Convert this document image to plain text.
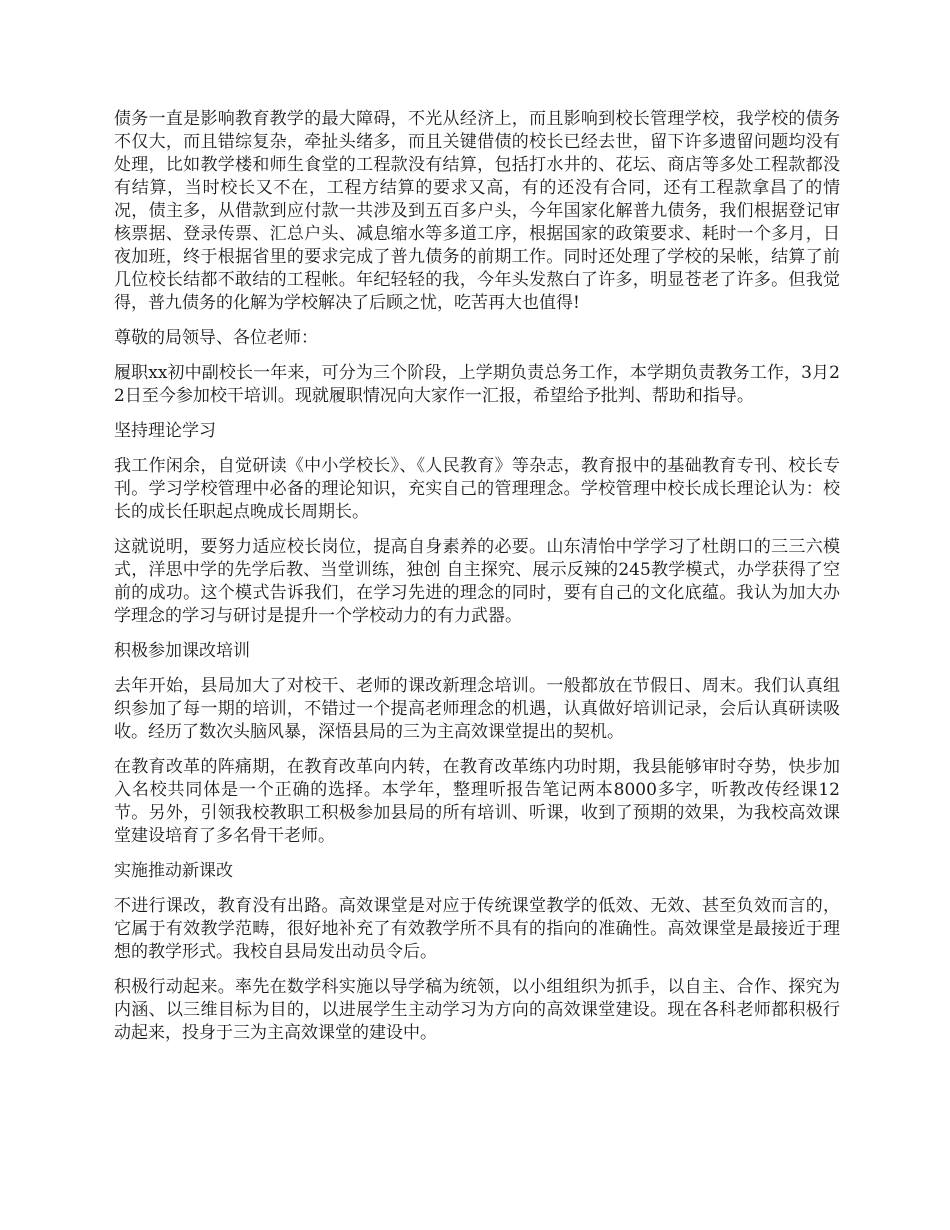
债务一直是影响教育教学的最大障碍，不光从经济上，而且影响到校长管理学校，我学校的债务不仅大，而且错综复杂，牵扯头绪多，而且关键借债的校长已经去世，留下许多遗留问题均没有处理，比如教学楼和师生食堂的工程款没有结算，包括打水井的、花坛、商店等多处工程款都没有结算，当时校长又不在，工程方结算的要求又高，有的还没有合同，还有工程款拿昌了的情况，债主多，从借款到应付款一共涉及到五百多户头，今年国家化解普九债务，我们根据登记审核票据、登录传票、汇总户头、减息缩水等多道工序，根据国家的政策要求、耗时一个多月，日夜加班，终于根据省里的要求完成了普九债务的前期工作。同时还处理了学校的呆帐，结算了前几位校长结都不敢结的工程帐。年纪轻轻的我，今年头发熬白了许多，明显苍老了许多。但我觉得，普九债务的化解为学校解决了后顾之忧，吃苦再大也值得!

尊敬的局领导、各位老师：

履职xx初中副校长一年来，可分为三个阶段，上学期负责总务工作，本学期负责教务工作，3月22日至今参加校干培训。现就履职情况向大家作一汇报，希望给予批判、帮助和指导。

坚持理论学习

我工作闲余，自觉研读《中小学校长》、《人民教育》等杂志，教育报中的基础教育专刊、校长专刊。学习学校管理中必备的理论知识，充实自己的管理理念。学校管理中校长成长理论认为：校长的成长任职起点晚成长周期长。

这就说明，要努力适应校长岗位，提高自身素养的必要。山东清怡中学学习了杜朗口的三三六模式，洋思中学的先学后教、当堂训练，独创 自主探究、展示反辣的245教学模式，办学获得了空前的成功。这个模式告诉我们，在学习先进的理念的同时，要有自己的文化底蕴。我认为加大办学理念的学习与研讨是提升一个学校动力的有力武器。

积极参加课改培训

去年开始，县局加大了对校干、老师的课改新理念培训。一般都放在节假日、周末。我们认真组织参加了每一期的培训，不错过一个提高老师理念的机遇，认真做好培训记录，会后认真研读吸收。经历了数次头脑风暴，深悟县局的三为主高效课堂提出的契机。

在教育改革的阵痛期，在教育改革向内转，在教育改革练内功时期，我县能够审时夺势，快步加入名校共同体是一个正确的选择。本学年，整理听报告笔记两本8000多字，听教改传经课12节。另外，引领我校教职工积极参加县局的所有培训、听课，收到了预期的效果，为我校高效课堂建设培育了多名骨干老师。

实施推动新课改

不进行课改，教育没有出路。高效课堂是对应于传统课堂教学的低效、无效、甚至负效而言的，它属于有效教学范畴，很好地补充了有效教学所不具有的指向的准确性。高效课堂是最接近于理想的教学形式。我校自县局发出动员令后。

积极行动起来。率先在数学科实施以导学稿为统领，以小组组织为抓手，以自主、合作、探究为内涵、以三维目标为目的，以进展学生主动学习为方向的高效课堂建设。现在各科老师都积极行动起来，投身于三为主高效课堂的建设中。
